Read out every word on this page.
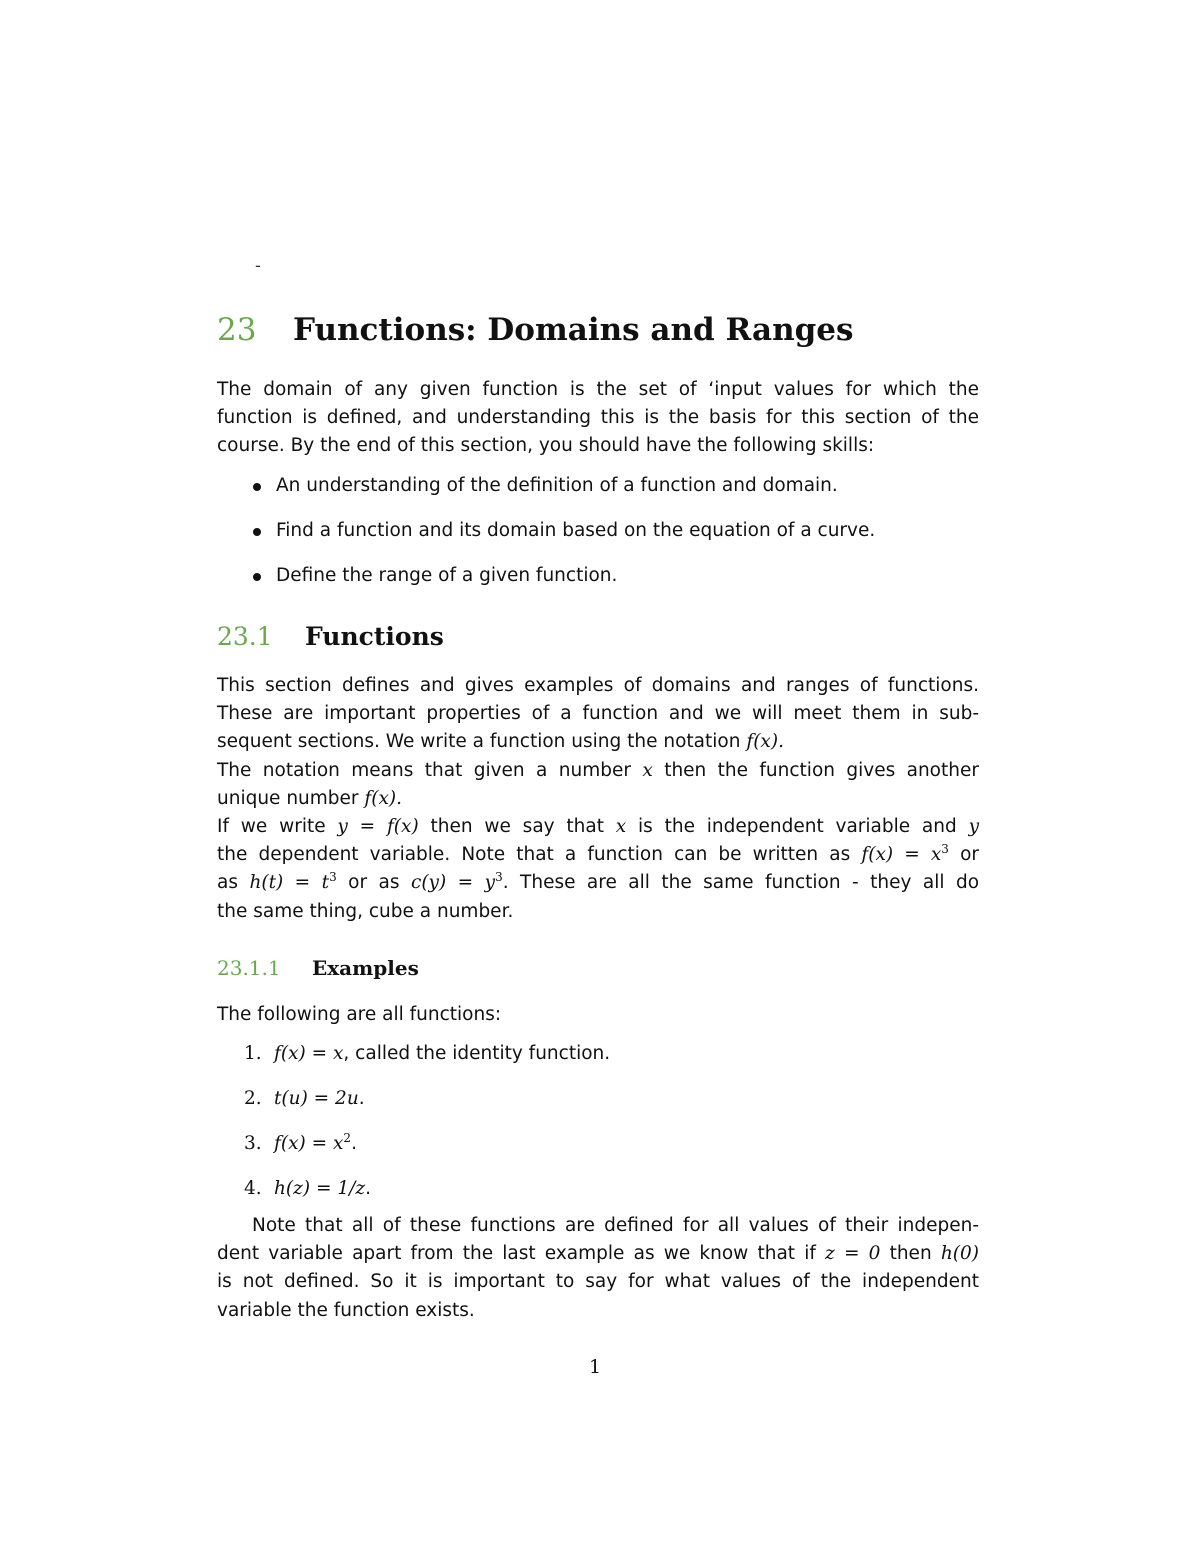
-
23 Functions: Domains and Ranges
The domain of any given function is the set of ‘input values for which the
function is defined, and understanding this is the basis for this section of the
course. By the end of this section, you should have the following skills:
An understanding of the definition of a function and domain.
Find a function and its domain based on the equation of a curve.
Define the range of a given function.
23.1 Functions
This section defines and gives examples of domains and ranges of functions.
These are important properties of a function and we will meet them in sub-
sequent sections. We write a function using the notation f(x).
The notation means that given a number x then the function gives another
unique number f(x).
If we write y = f(x) then we say that x is the independent variable and y
the dependent variable. Note that a function can be written as $f(x) = x^3$ or
as $h(t) = t^3$ or as $c(y) = y^3$. These are all the same function - they all do
the same thing, cube a number.
23.1.1 Examples
The following are all functions:
1. f(x) = x, called the identity function.
2. t(u) = 2u.
3. $f(x) = x^2$.
4. h(z) = 1/z.
Note that all of these functions are defined for all values of their indepen-
dent variable apart from the last example as we know that if z = 0 then h(0)
is not defined. So it is important to say for what values of the independent
variable the function exists.
1
